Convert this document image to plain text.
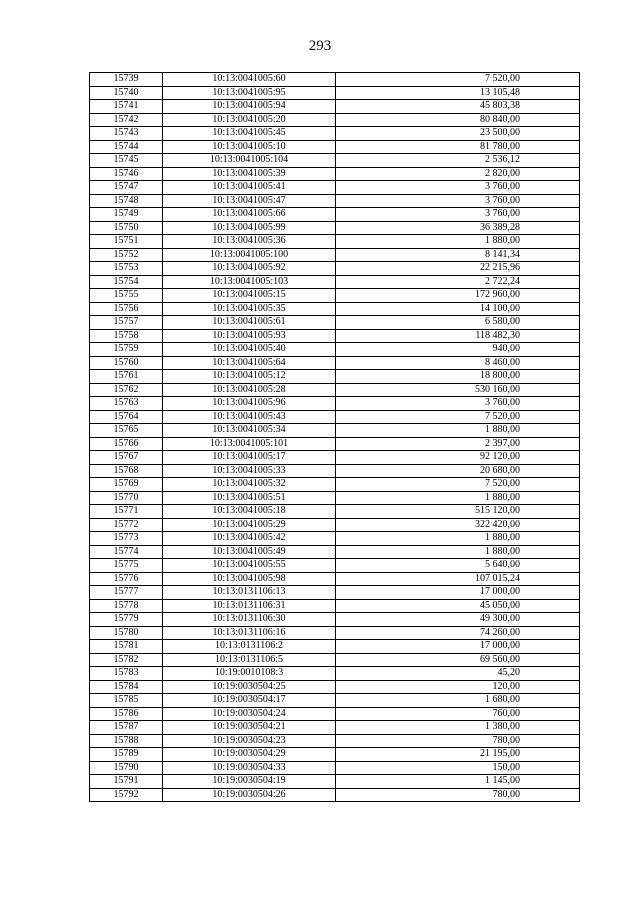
293
15739	10:13:0041005:60	7 520,00
15740	10:13:0041005:95	13 105,48
15741	10:13:0041005:94	45 803,38
15742	10:13:0041005:20	80 840,00
15743	10:13:0041005:45	23 500,00
15744	10:13:0041005:10	81 780,00
15745	10:13:0041005:104	2 536,12
15746	10:13:0041005:39	2 820,00
15747	10:13:0041005:41	3 760,00
15748	10:13:0041005:47	3 760,00
15749	10:13:0041005:66	3 760,00
15750	10:13:0041005:99	36 389,28
15751	10:13:0041005:36	1 880,00
15752	10:13:0041005:100	8 141,34
15753	10:13:0041005:92	22 215,96
15754	10:13:0041005:103	2 722,24
15755	10:13:0041005:15	172 960,00
15756	10:13:0041005:35	14 100,00
15757	10:13:0041005:61	6 580,00
15758	10:13:0041005:93	118 482,30
15759	10:13:0041005:40	940,00
15760	10:13:0041005:64	8 460,00
15761	10:13:0041005:12	18 800,00
15762	10:13:0041005:28	530 160,00
15763	10:13:0041005:96	3 760,00
15764	10:13:0041005:43	7 520,00
15765	10:13:0041005:34	1 880,00
15766	10:13:0041005:101	2 397,00
15767	10:13:0041005:17	92 120,00
15768	10:13:0041005:33	20 680,00
15769	10:13:0041005:32	7 520,00
15770	10:13:0041005:51	1 880,00
15771	10:13:0041005:18	515 120,00
15772	10:13:0041005:29	322 420,00
15773	10:13:0041005:42	1 880,00
15774	10:13:0041005:49	1 880,00
15775	10:13:0041005:55	5 640,00
15776	10:13:0041005:98	107 015,24
15777	10:13:0131106:13	17 000,00
15778	10:13:0131106:31	45 050,00
15779	10:13:0131106:30	49 300,00
15780	10:13:0131106:16	74 260,00
15781	10:13:0131106:2	17 000,00
15782	10:13:0131106:5	69 560,00
15783	10:19:0010108:3	45,20
15784	10:19:0030504:25	120,00
15785	10:19:0030504:17	1 680,00
15786	10:19:0030504:24	760,00
15787	10:19:0030504:21	1 380,00
15788	10:19:0030504:23	780,00
15789	10:19:0030504:29	21 195,00
15790	10:19:0030504:33	150,00
15791	10:19:0030504:19	1 145,00
15792	10:19:0030504:26	780,00
